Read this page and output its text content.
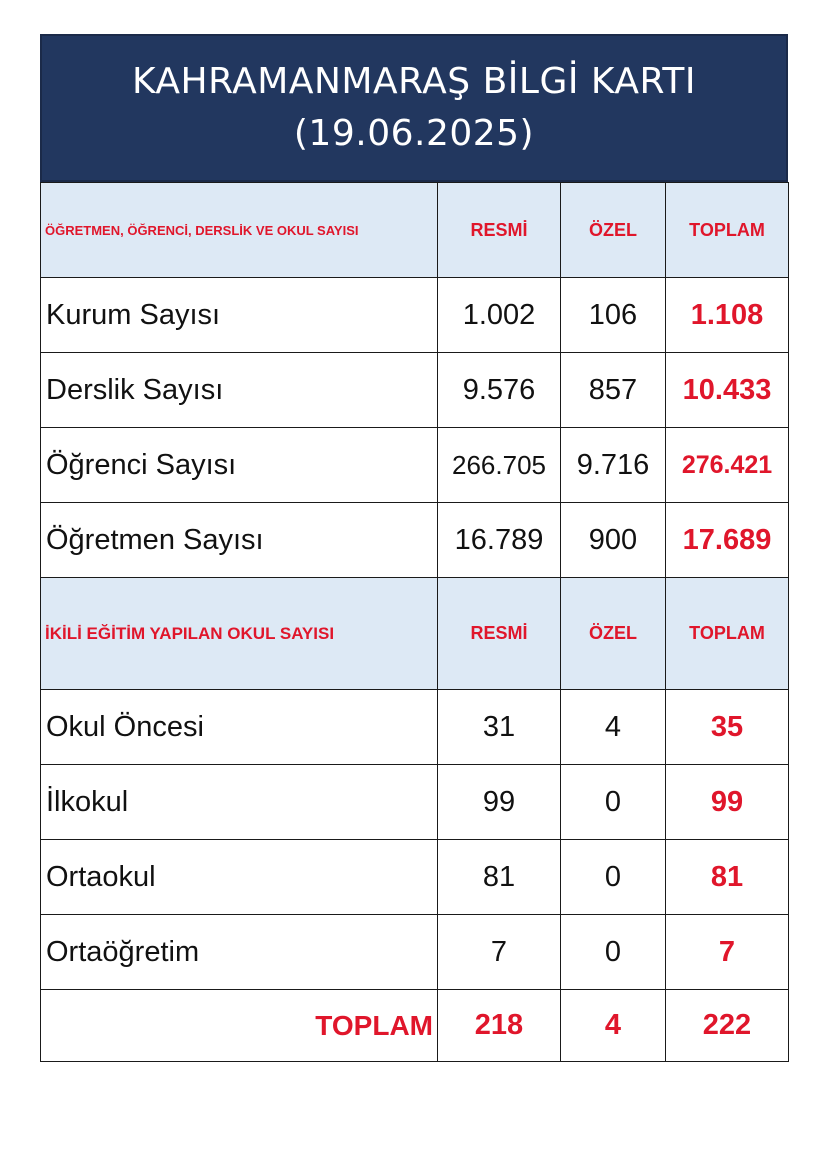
KAHRAMANMARAŞ BİLGİ KARTI
(19.06.2025)
ÖĞRETMEN, ÖĞRENCİ, DERSLİK VE OKUL SAYISI	RESMİ	ÖZEL	TOPLAM
Kurum Sayısı	1.002	106	1.108
Derslik Sayısı	9.576	857	10.433
Öğrenci Sayısı	266.705	9.716	276.421
Öğretmen Sayısı	16.789	900	17.689
İKİLİ EĞİTİM YAPILAN OKUL SAYISI	RESMİ	ÖZEL	TOPLAM
Okul Öncesi	31	4	35
İlkokul	99	0	99
Ortaokul	81	0	81
Ortaöğretim	7	0	7
TOPLAM	218	4	222
